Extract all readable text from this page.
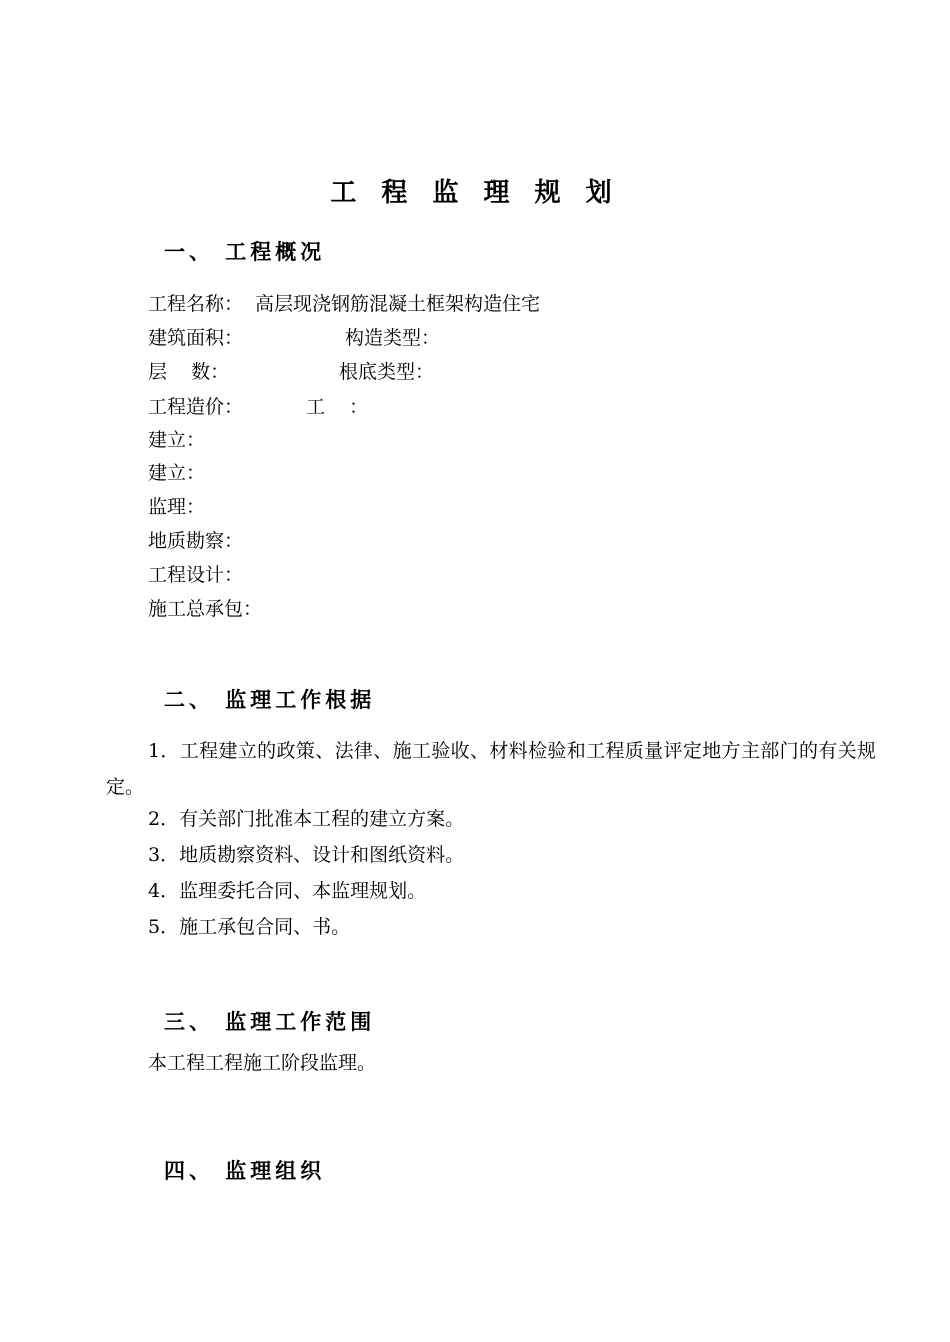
工 程 监 理 规 划
一、 工程概况
工程名称： 高层现浇钢筋混凝土框架构造住宅
建筑面积：	构造类型：
层    数：	根底类型：
工程造价：	工    ：
建立：
建立：
监理：
地质勘察：
工程设计：
施工总承包：
二、 监理工作根据
1．工程建立的政策、法律、施工验收、材料检验和工程质量评定地方主部门的有关规定。
2．有关部门批准本工程的建立方案。
3．地质勘察资料、设计和图纸资料。
4．监理委托合同、本监理规划。
5．施工承包合同、书。
三、 监理工作范围
本工程工程施工阶段监理。
四、 监理组织
